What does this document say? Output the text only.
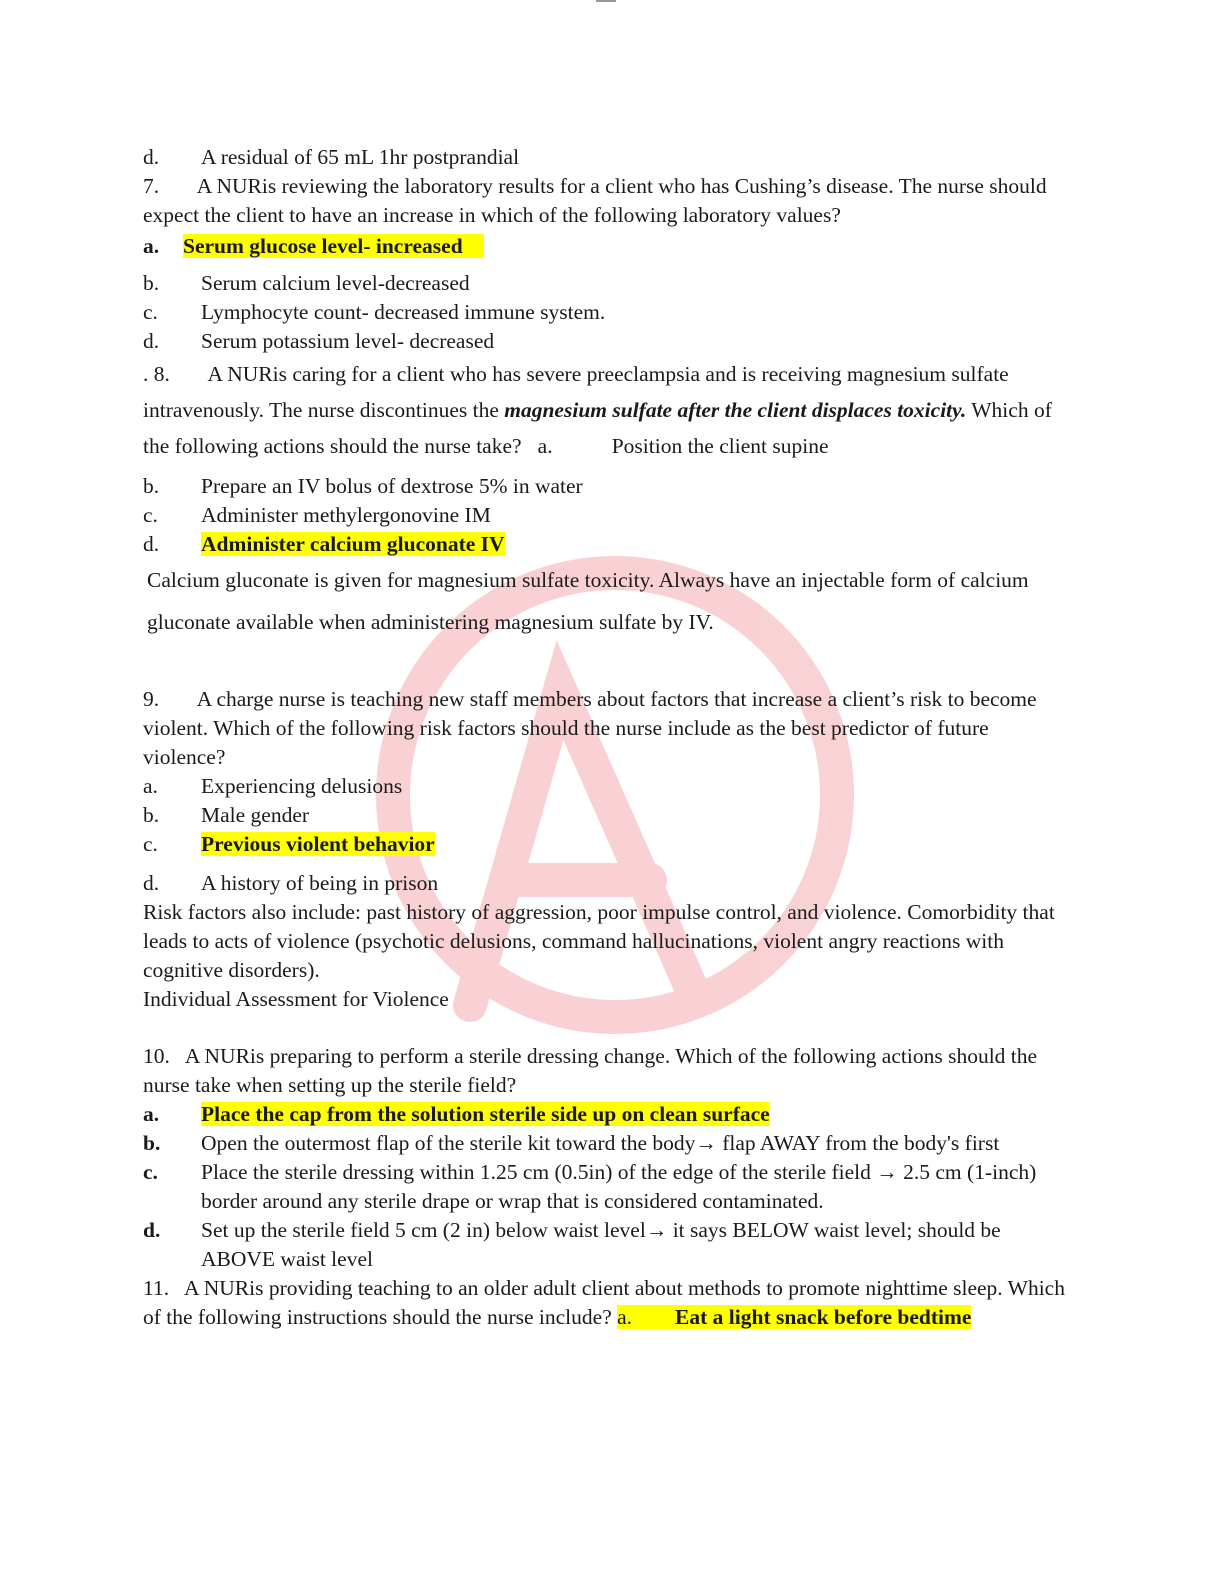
d.	A residual of 65 mL 1hr postprandial
7.       A NURis reviewing the laboratory results for a client who has Cushing’s disease. The nurse should expect the client to have an increase in which of the following laboratory values?
a.	Serum glucose level- increased
b.	Serum calcium level-decreased
c.	Lymphocyte count- decreased immune system.
d.	Serum potassium level- decreased
. 8.       A NURis caring for a client who has severe preeclampsia and is receiving magnesium sulfate intravenously. The nurse discontinues the magnesium sulfate after the client displaces toxicity. Which of the following actions should the nurse take?   a.           Position the client supine
b.	Prepare an IV bolus of dextrose 5% in water
c.	Administer methylergonovine IM
d.	Administer calcium gluconate IV
Calcium gluconate is given for magnesium sulfate toxicity. Always have an injectable form of calcium gluconate available when administering magnesium sulfate by IV.
9.       A charge nurse is teaching new staff members about factors that increase a client’s risk to become violent. Which of the following risk factors should the nurse include as the best predictor of future violence?
a.	Experiencing delusions
b.	Male gender
c.	Previous violent behavior
d.	A history of being in prison
Risk factors also include: past history of aggression, poor impulse control, and violence. Comorbidity that leads to acts of violence (psychotic delusions, command hallucinations, violent angry reactions with cognitive disorders).
Individual Assessment for Violence
10.   A NURis preparing to perform a sterile dressing change. Which of the following actions should the nurse take when setting up the sterile field?
a.	Place the cap from the solution sterile side up on clean surface
b.	Open the outermost flap of the sterile kit toward the body→ flap AWAY from the body's first
c.	Place the sterile dressing within 1.25 cm (0.5in) of the edge of the sterile field → 2.5 cm (1-inch) border around any sterile drape or wrap that is considered contaminated.
d.	Set up the sterile field 5 cm (2 in) below waist level→ it says BELOW waist level; should be ABOVE waist level
11.   A NURis providing teaching to an older adult client about methods to promote nighttime sleep. Which of the following instructions should the nurse include? a.        Eat a light snack before bedtime
